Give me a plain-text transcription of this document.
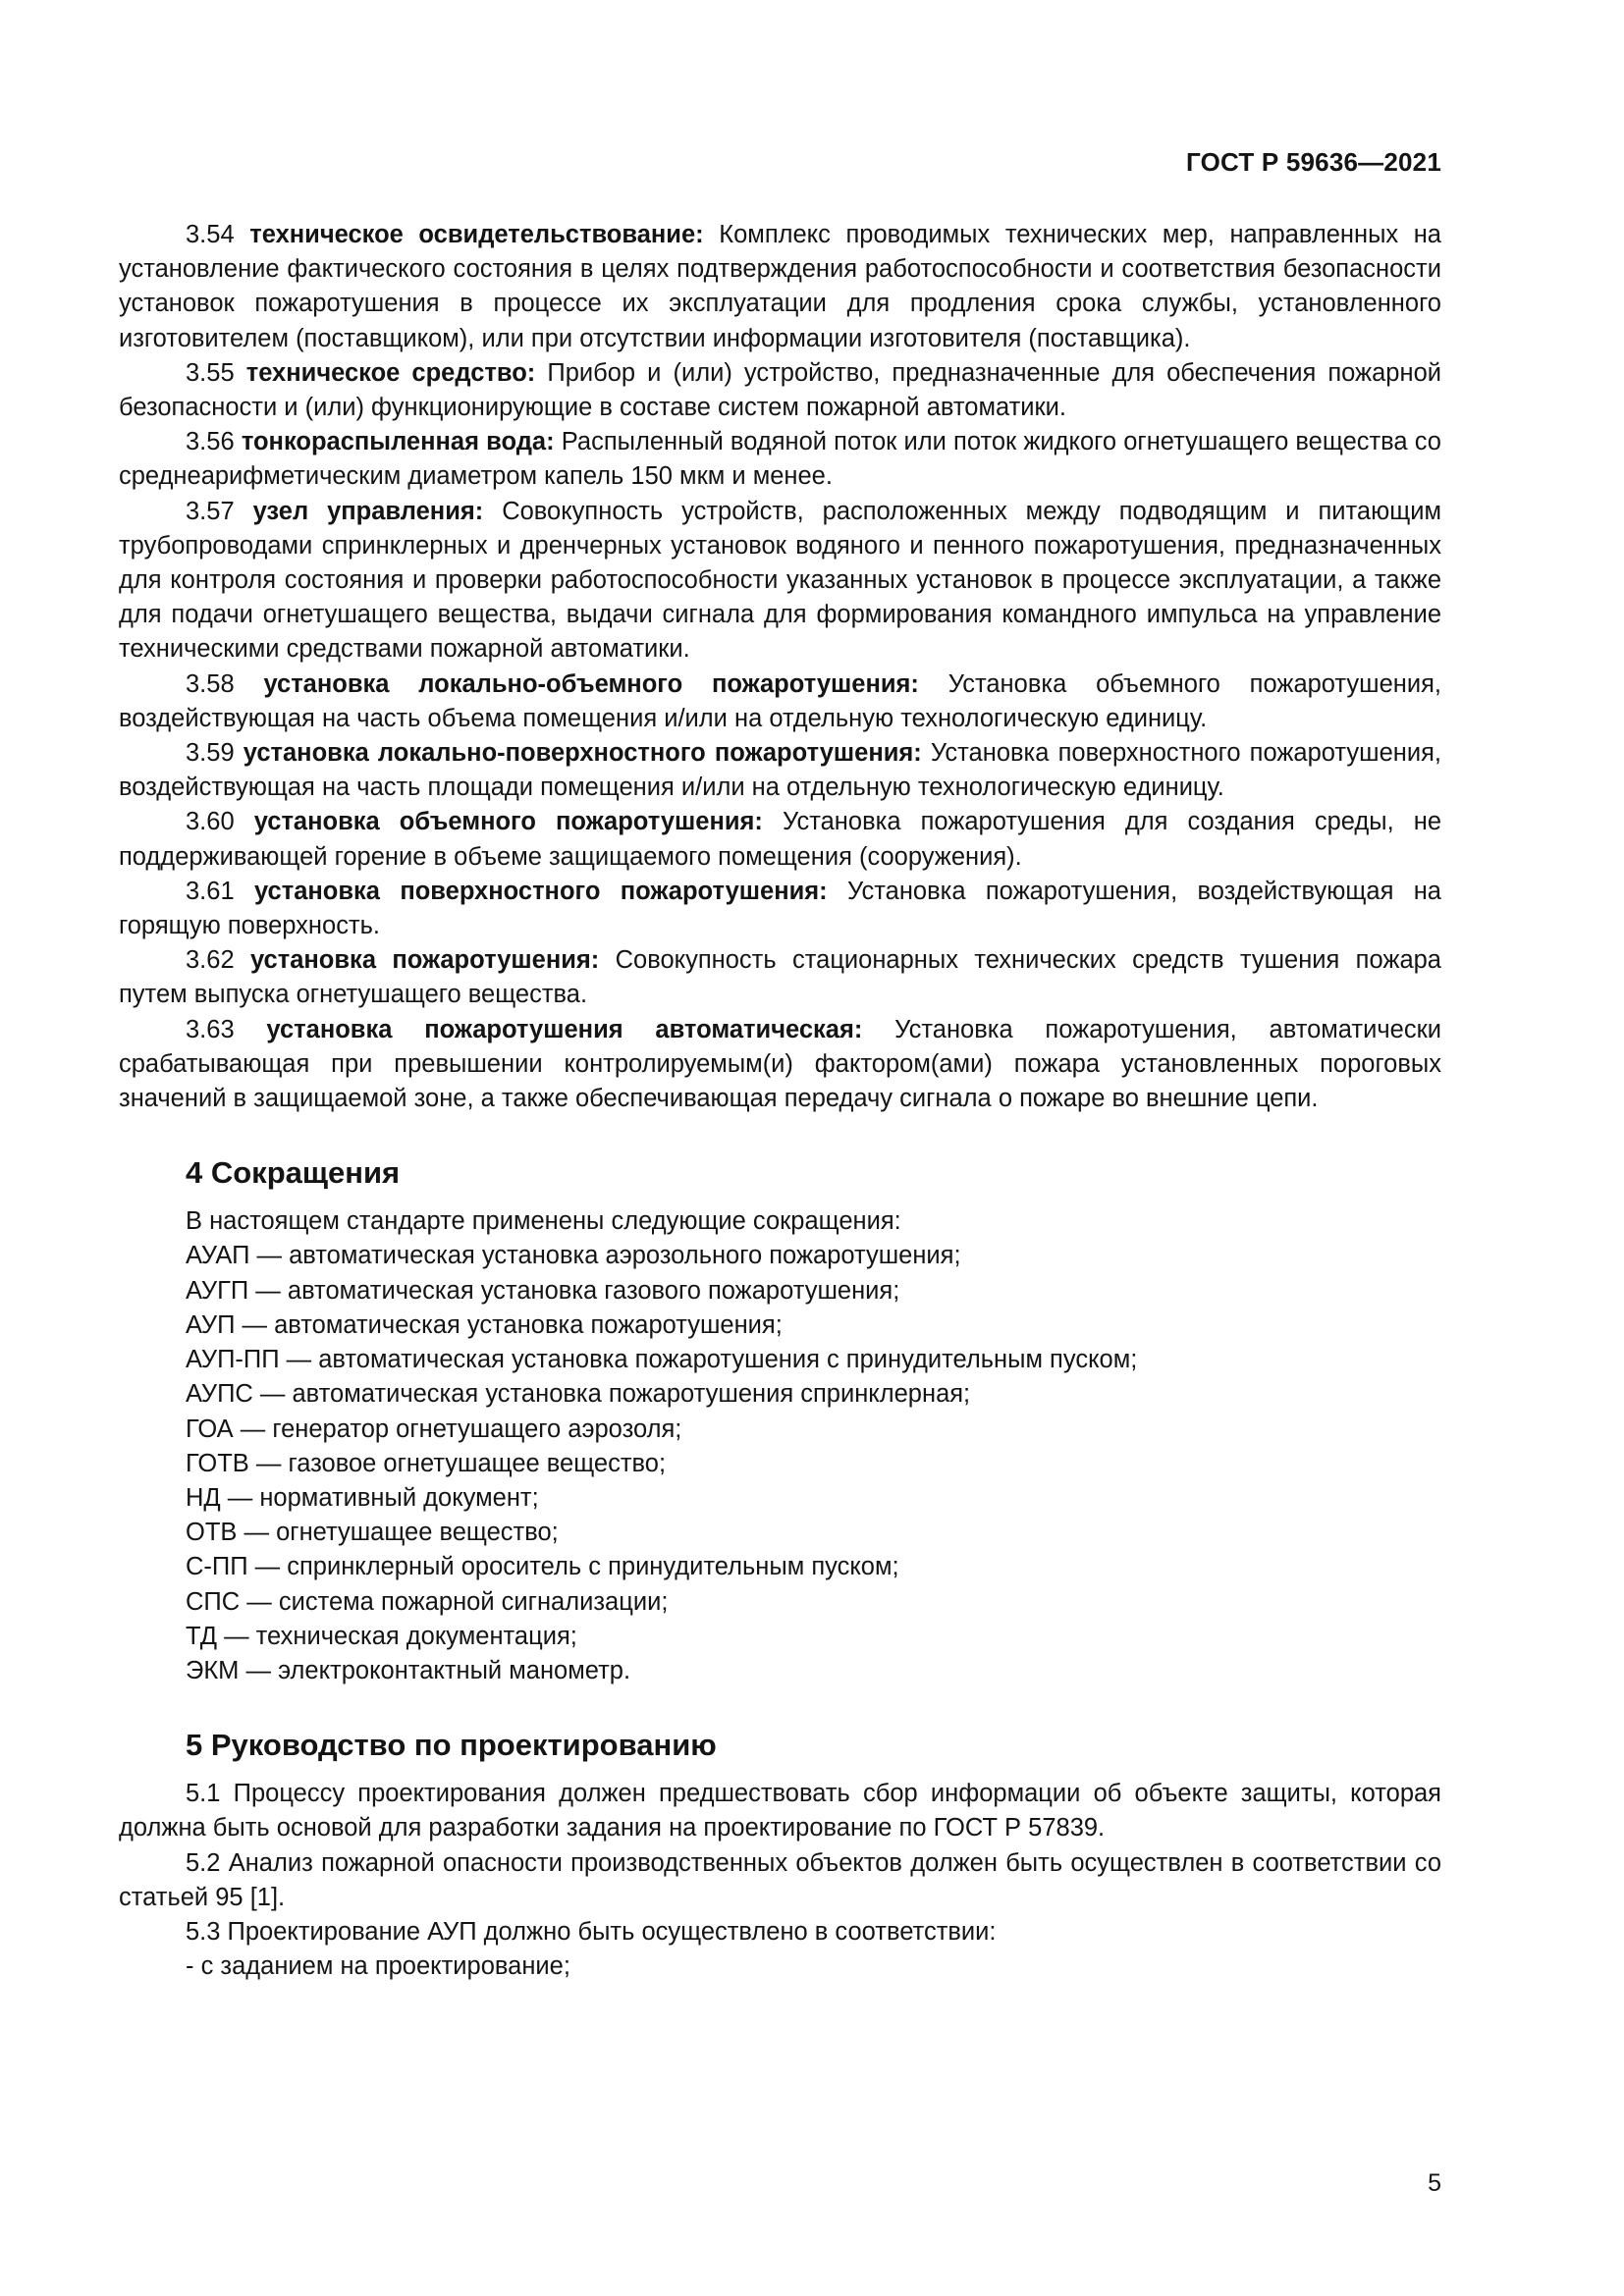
ГОСТ Р 59636—2021

3.54 техническое освидетельствование: Комплекс проводимых технических мер, направленных на установление фактического состояния в целях подтверждения работоспособности и соответствия безопасности установок пожаротушения в процессе их эксплуатации для продления срока службы, установленного изготовителем (поставщиком), или при отсутствии информации изготовителя (поставщика).

3.55 техническое средство: Прибор и (или) устройство, предназначенные для обеспечения пожарной безопасности и (или) функционирующие в составе систем пожарной автоматики.

3.56 тонкораспыленная вода: Распыленный водяной поток или поток жидкого огнетушащего вещества со среднеарифметическим диаметром капель 150 мкм и менее.

3.57 узел управления: Совокупность устройств, расположенных между подводящим и питающим трубопроводами спринклерных и дренчерных установок водяного и пенного пожаротушения, предназначенных для контроля состояния и проверки работоспособности указанных установок в процессе эксплуатации, а также для подачи огнетушащего вещества, выдачи сигнала для формирования командного импульса на управление техническими средствами пожарной автоматики.

3.58 установка локально-объемного пожаротушения: Установка объемного пожаротушения, воздействующая на часть объема помещения и/или на отдельную технологическую единицу.

3.59 установка локально-поверхностного пожаротушения: Установка поверхностного пожаротушения, воздействующая на часть площади помещения и/или на отдельную технологическую единицу.

3.60 установка объемного пожаротушения: Установка пожаротушения для создания среды, не поддерживающей горение в объеме защищаемого помещения (сооружения).

3.61 установка поверхностного пожаротушения: Установка пожаротушения, воздействующая на горящую поверхность.

3.62 установка пожаротушения: Совокупность стационарных технических средств тушения пожара путем выпуска огнетушащего вещества.

3.63 установка пожаротушения автоматическая: Установка пожаротушения, автоматически срабатывающая при превышении контролируемым(и) фактором(ами) пожара установленных пороговых значений в защищаемой зоне, а также обеспечивающая передачу сигнала о пожаре во внешние цепи.

4 Сокращения

В настоящем стандарте применены следующие сокращения:

АУАП — автоматическая установка аэрозольного пожаротушения;

АУГП — автоматическая установка газового пожаротушения;

АУП — автоматическая установка пожаротушения;

АУП-ПП — автоматическая установка пожаротушения с принудительным пуском;

АУПС — автоматическая установка пожаротушения спринклерная;

ГОА — генератор огнетушащего аэрозоля;

ГОТВ — газовое огнетушащее вещество;

НД — нормативный документ;

ОТВ — огнетушащее вещество;

С-ПП — спринклерный ороситель с принудительным пуском;

СПС — система пожарной сигнализации;

ТД — техническая документация;

ЭКМ — электроконтактный манометр.

5 Руководство по проектированию

5.1 Процессу проектирования должен предшествовать сбор информации об объекте защиты, которая должна быть основой для разработки задания на проектирование по ГОСТ Р 57839.

5.2 Анализ пожарной опасности производственных объектов должен быть осуществлен в соответствии со статьей 95 [1].

5.3 Проектирование АУП должно быть осуществлено в соответствии:

- с заданием на проектирование;

5
